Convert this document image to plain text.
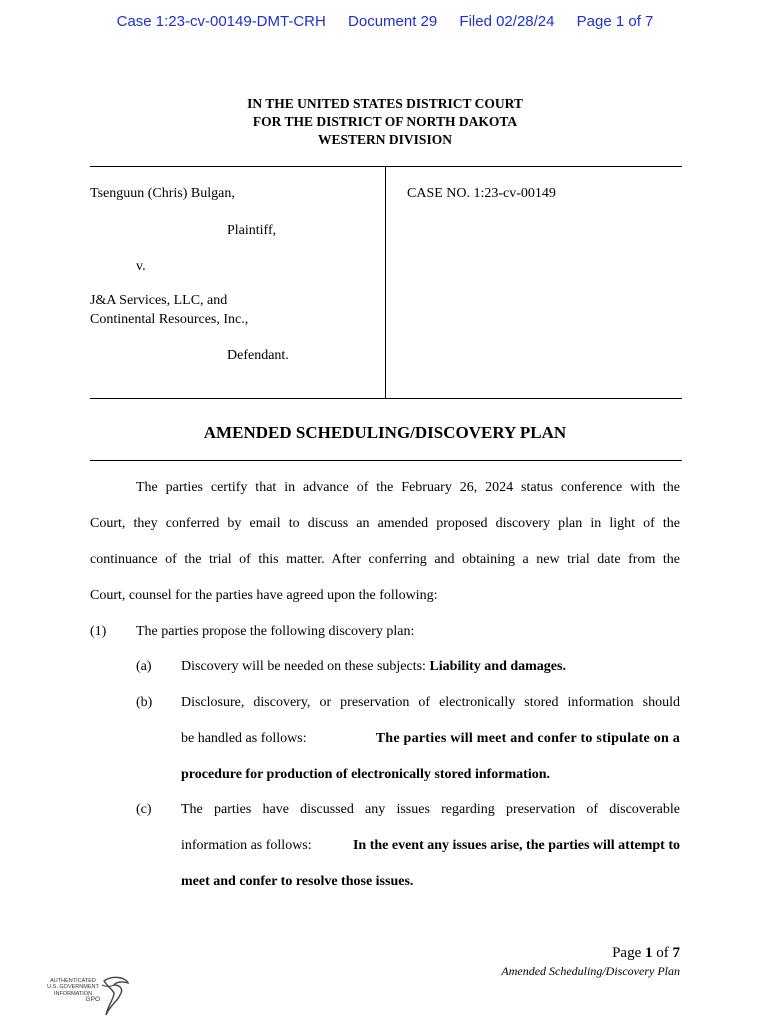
Case 1:23-cv-00149-DMT-CRH Document 29 Filed 02/28/24 Page 1 of 7
IN THE UNITED STATES DISTRICT COURT
FOR THE DISTRICT OF NORTH DAKOTA
WESTERN DIVISION
Tsenguun (Chris) Bulgan,
Plaintiff,
v.
J&A Services, LLC, and
Continental Resources, Inc.,
Defendant.
CASE NO. 1:23-cv-00149
AMENDED SCHEDULING/DISCOVERY PLAN
The parties certify that in advance of the February 26, 2024 status conference with the
Court, they conferred by email to discuss an amended proposed discovery plan in light of the
continuance of the trial of this matter. After conferring and obtaining a new trial date from the
Court, counsel for the parties have agreed upon the following:
(1) The parties propose the following discovery plan:
(a) Discovery will be needed on these subjects: Liability and damages.
(b) Disclosure, discovery, or preservation of electronically stored information should
be handled as follows:	The parties will meet and confer to stipulate on a
procedure for production of electronically stored information.
(c) The parties have discussed any issues regarding preservation of discoverable
information as follows: In the event any issues arise, the parties will attempt to
meet and confer to resolve those issues.
Page 1 of 7
Amended Scheduling/Discovery Plan
AUTHENTICATED
U.S. GOVERNMENT
INFORMATION
GPO
